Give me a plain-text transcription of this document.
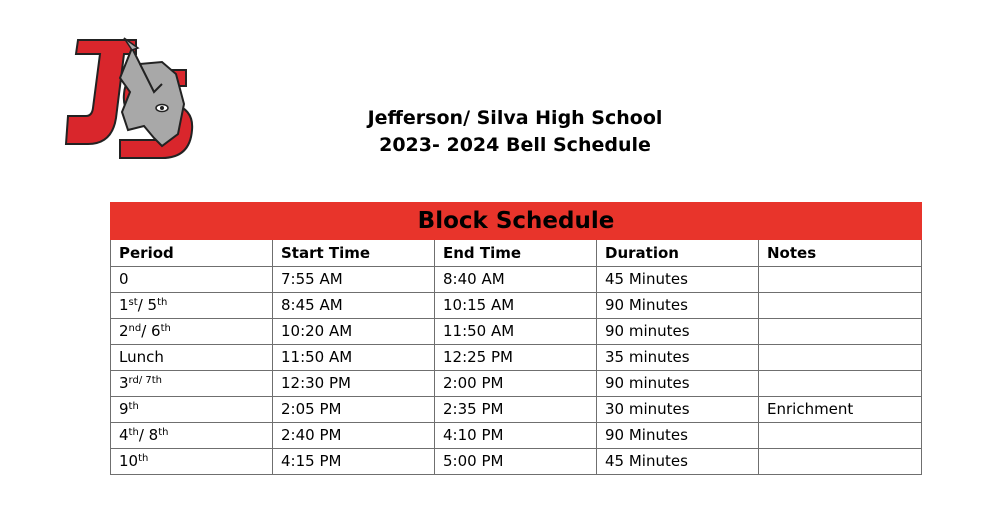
Jefferson/ Silva High School
2023- 2024 Bell Schedule
Block Schedule				
Period	Start Time	End Time	Duration	Notes
0	7:55 AM	8:40 AM	45 Minutes	
1st/ 5th	8:45 AM	10:15 AM	90 Minutes	
2nd/ 6th	10:20 AM	11:50 AM	90 minutes	
Lunch	11:50 AM	12:25 PM	35 minutes	
$3^{rd/ 7th}$	12:30 PM	2:00 PM	90 minutes	
9th	2:05 PM	2:35 PM	30 minutes	Enrichment
4th/ 8th	2:40 PM	4:10 PM	90 Minutes	
10th	4:15 PM	5:00 PM	45 Minutes	
